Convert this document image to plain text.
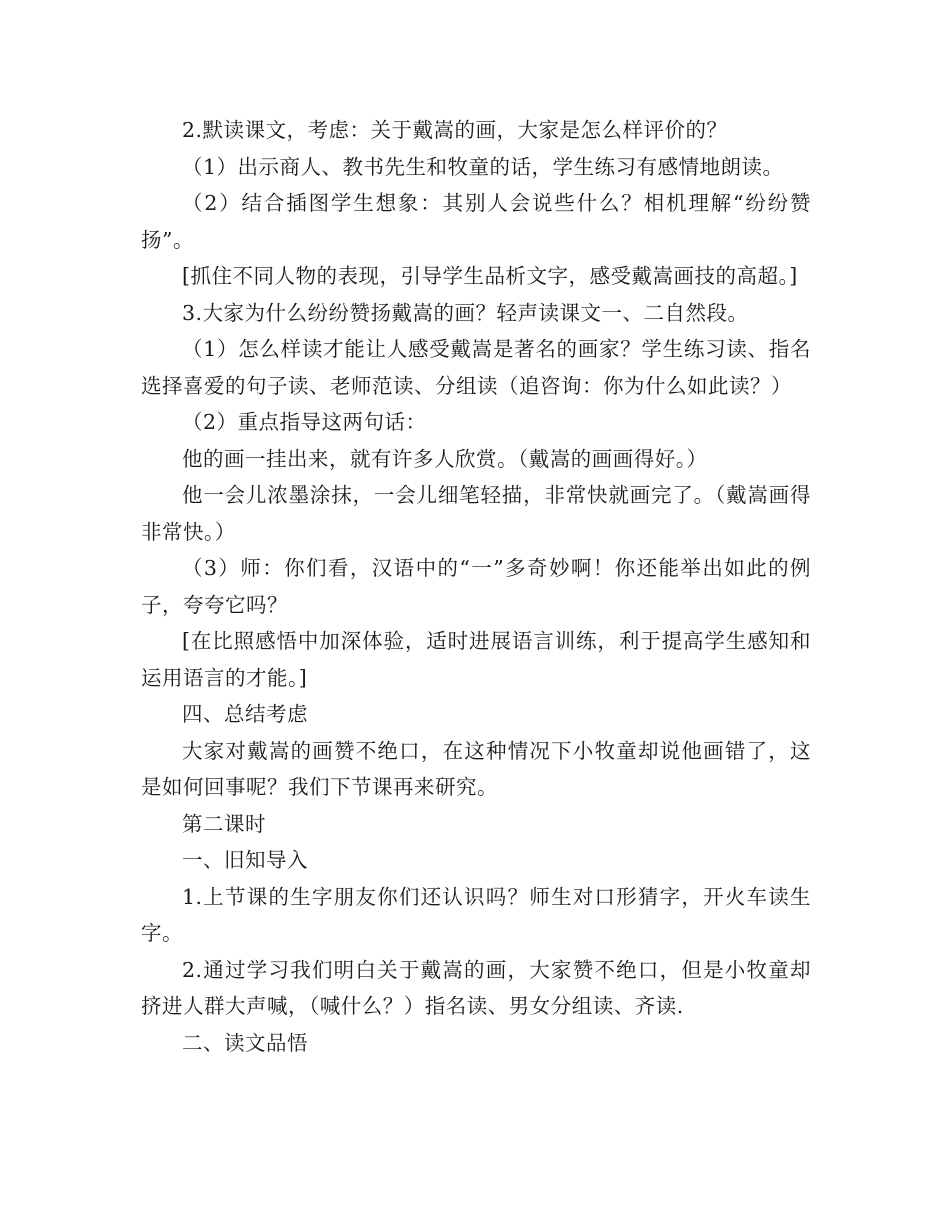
2.默读课文，考虑：关于戴嵩的画，大家是怎么样评价的？

（1）出示商人、教书先生和牧童的话，学生练习有感情地朗读。

（2）结合插图学生想象：其别人会说些什么？相机理解“纷纷赞扬”。

[抓住不同人物的表现，引导学生品析文字，感受戴嵩画技的高超。]

3.大家为什么纷纷赞扬戴嵩的画？轻声读课文一、二自然段。

（1）怎么样读才能让人感受戴嵩是著名的画家？学生练习读、指名选择喜爱的句子读、老师范读、分组读（追咨询：你为什么如此读？）

（2）重点指导这两句话：

他的画一挂出来，就有许多人欣赏。（戴嵩的画画得好。）

他一会儿浓墨涂抹，一会儿细笔轻描，非常快就画完了。（戴嵩画得非常快。）

（3）师：你们看，汉语中的“一”多奇妙啊！你还能举出如此的例子，夸夸它吗？

[在比照感悟中加深体验，适时进展语言训练，利于提高学生感知和运用语言的才能。]

四、总结考虑

大家对戴嵩的画赞不绝口，在这种情况下小牧童却说他画错了，这是如何回事呢？我们下节课再来研究。

第二课时

一、旧知导入

1.上节课的生字朋友你们还认识吗？师生对口形猜字，开火车读生字。

2.通过学习我们明白关于戴嵩的画，大家赞不绝口，但是小牧童却挤进人群大声喊，（喊什么？）指名读、男女分组读、齐读.

二、读文品悟
